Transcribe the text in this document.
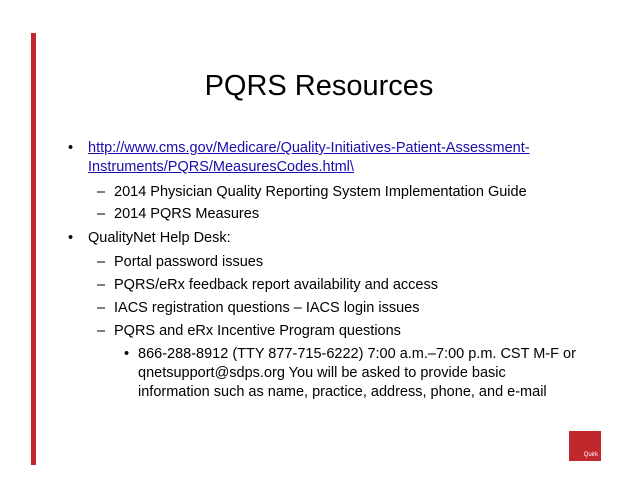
PQRS Resources
• http://www.cms.gov/Medicare/Quality-Initiatives-Patient-Assessment-
Instruments/PQRS/MeasuresCodes.html\
– 2014 Physician Quality Reporting System Implementation Guide
– 2014 PQRS Measures
• QualityNet Help Desk:
– Portal password issues
– PQRS/eRx feedback report availability and access
– IACS registration questions – IACS login issues
– PQRS and eRx Incentive Program questions
• 866-288-8912 (TTY 877-715-6222) 7:00 a.m.–7:00 p.m. CST M-F or
qnetsupport@sdps.org You will be asked to provide basic
information such as name, practice, address, phone, and e-mail
Quirk
